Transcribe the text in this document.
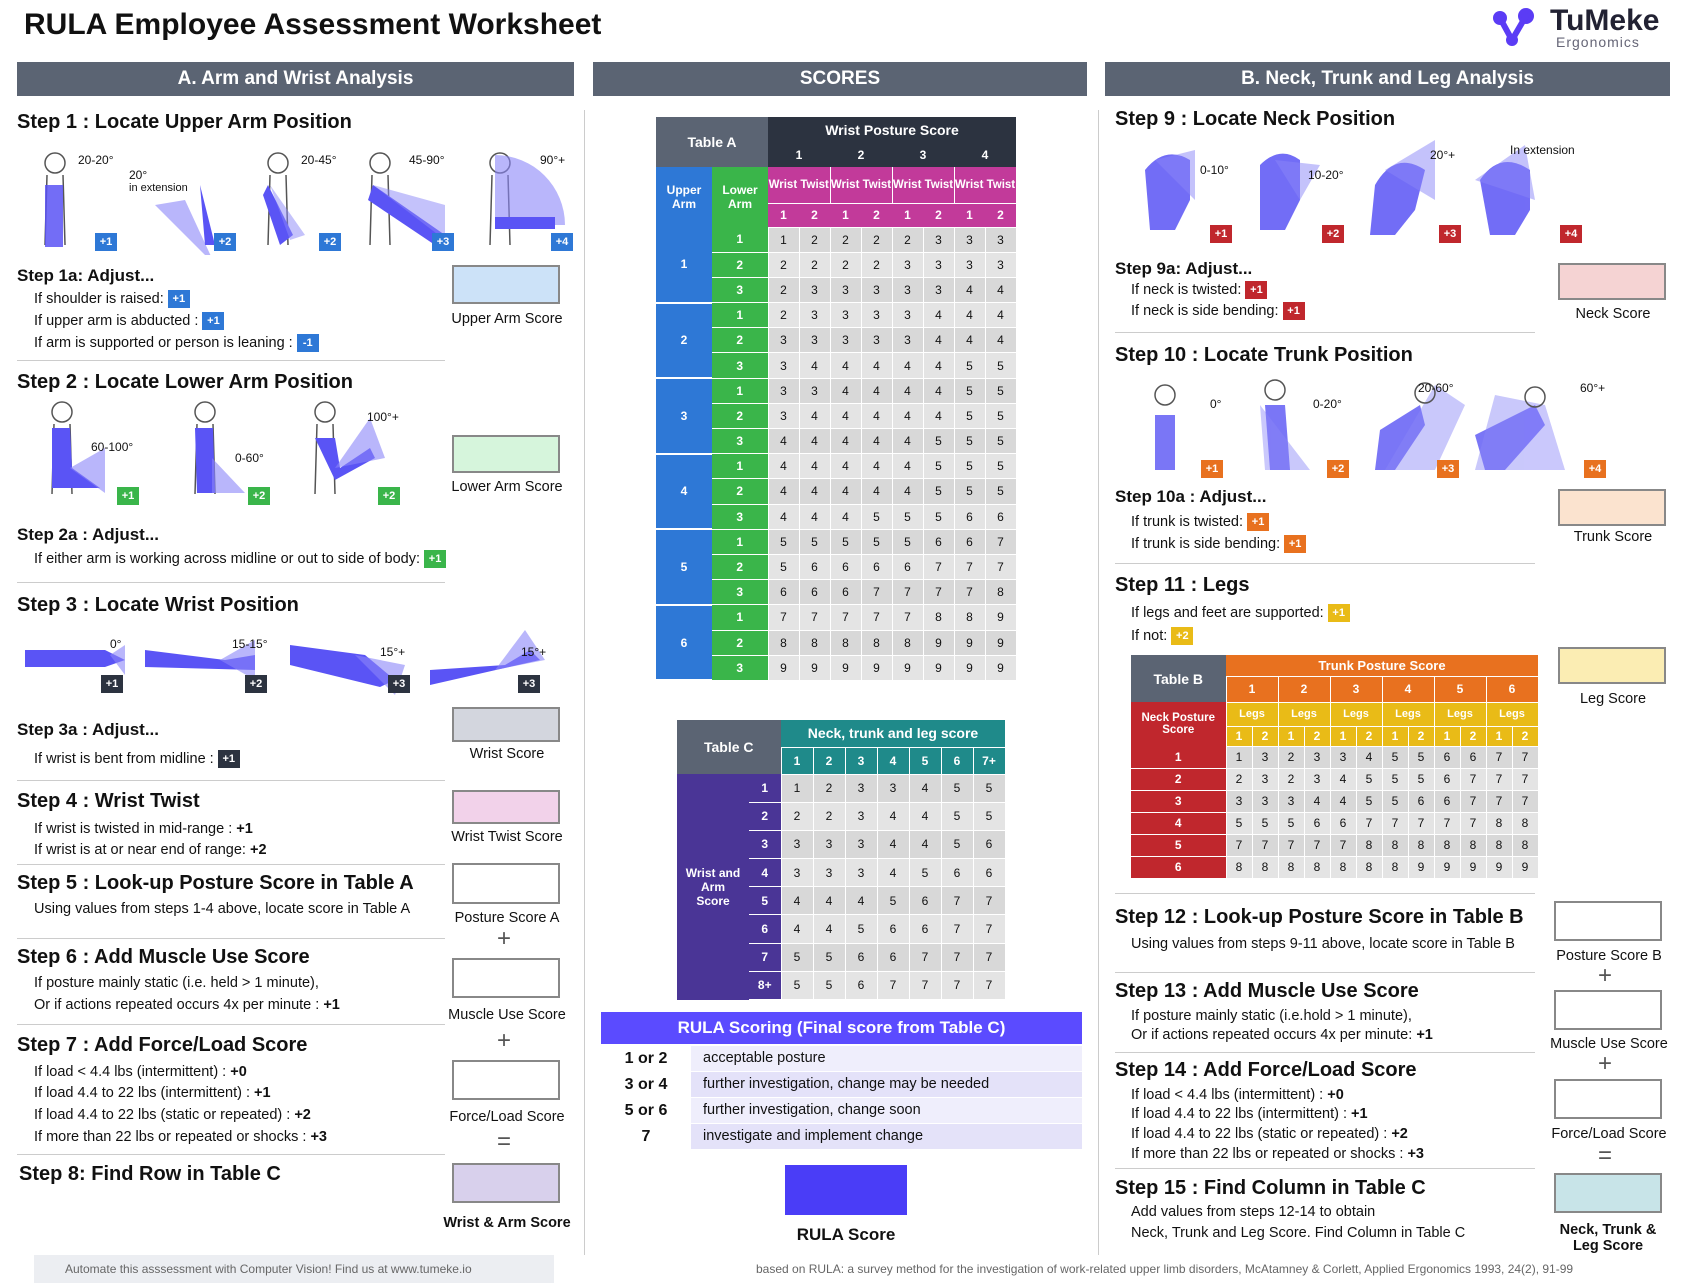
RULA Employee Assessment Worksheet	TuMeke
Ergonomics
A. Arm and Wrist Analysis	SCORES	B. Neck, Trunk and Leg Analysis
Step 1 : Locate Upper Arm Position
20-20°
20°
in extension
20-45°	45-90°	90°+
+1	+2	+2	+3	+4
Step 1a: Adjust...
If shoulder is raised: +1
If upper arm is abducted : +1
If arm is supported or person is leaning : -1
Upper Arm Score
Step 2 : Locate Lower Arm Position
60-100°
0-60°
100°+
+1	+2	+2
Lower Arm Score
Step 2a : Adjust...
If either arm is working across midline or out to side of body: +1
Step 3 : Locate Wrist Position
0°	15-15°
15°+	15°+
+1	+2	+3	+3
Step 3a : Adjust...
If wrist is bent from midline : +1	Wrist Score
Step 4 : Wrist Twist
If wrist is twisted in mid-range : +1
If wrist is at or near end of range: +2
Wrist Twist Score
Step 5 : Look-up Posture Score in Table A
Using values from steps 1-4 above, locate score in Table A
Posture Score A
+
Step 6 : Add Muscle Use Score
If posture mainly static (i.e. held > 1 minute),
Or if actions repeated occurs 4x per minute : +1
Muscle Use Score
+
Step 7 : Add Force/Load Score
If load < 4.4 lbs (intermittent) : +0
If load 4.4 to 22 lbs (intermittent) : +1
If load 4.4 to 22 lbs (static or repeated) : +2
If more than 22 lbs or repeated or shocks : +3
Force/Load Score
=
Step 8: Find Row in Table C
Wrist & Arm Score
Table A		Wrist Posture Score							
		1		2		3		4	
Upper Arm	Lower Arm	Wrist Twist		Wrist Twist		Wrist Twist		Wrist Twist	
		1	2	1	2	1	2	1	2
1	1	1	2	2	2	2	3	3	3
	2	2	2	2	2	3	3	3	3
	3	2	3	3	3	3	3	4	4
2	1	2	3	3	3	3	4	4	4
	2	3	3	3	3	3	4	4	4
	3	3	4	4	4	4	4	5	5
3	1	3	3	4	4	4	4	5	5
	2	3	4	4	4	4	4	5	5
	3	4	4	4	4	4	5	5	5
4	1	4	4	4	4	4	5	5	5
	2	4	4	4	4	4	5	5	5
	3	4	4	4	5	5	5	6	6
5	1	5	5	5	5	5	6	6	7
	2	5	6	6	6	6	7	7	7
	3	6	6	6	7	7	7	7	8
6	1	7	7	7	7	7	8	8	9
	2	8	8	8	8	8	9	9	9
	3	9	9	9	9	9	9	9	9
Table C		Neck, trunk and leg score						
		1	2	3	4	5	6	7+
Wrist and Arm Score	1	1	2	3	3	4	5	5
	2	2	2	3	4	4	5	5
	3	3	3	3	4	4	5	6
	4	3	3	3	4	5	6	6
	5	4	4	4	5	6	7	7
	6	4	4	5	6	6	7	7
	7	5	5	6	6	7	7	7
	8+	5	5	6	7	7	7	7
RULA Scoring (Final score from Table C)
1 or 2	acceptable posture
3 or 4	further investigation, change may be needed
5 or 6	further investigation, change soon
7	investigate and implement change
RULA Score
Step 9 : Locate Neck Position
0-10°	10-20°
20°+	In extension
+1	+2	+3	+4
Step 9a: Adjust...
If neck is twisted: +1
If neck is side bending: +1	Neck Score
Step 10 : Locate Trunk Position
0°	0-20°
20-60°	60°+
+1	+2	+3	+4
Step 10a : Adjust...
If trunk is twisted: +1
If trunk is side bending: +1	Trunk Score
Step 11 : Legs
If legs and feet are supported: +1
If not: +2
Leg Score
Table B	Trunk Posture Score											
	1		2		3		4		5		6	
Neck Posture Score	Legs		Legs		Legs		Legs		Legs		Legs	
	1	2	1	2	1	2	1	2	1	2	1	2
1	1	3	2	3	3	4	5	5	6	6	7	7
2	2	3	2	3	4	5	5	5	6	7	7	7
3	3	3	3	4	4	5	5	6	6	7	7	7
4	5	5	5	6	6	7	7	7	7	7	8	8
5	7	7	7	7	7	8	8	8	8	8	8	8
6	8	8	8	8	8	8	8	9	9	9	9	9
Step 12 : Look-up Posture Score in Table B
Using values from steps 9-11 above, locate score in Table B
Posture Score B
+
Step 13 : Add Muscle Use Score
If posture mainly static (i.e.hold > 1 minute),
Or if actions repeated occurs 4x per minute: +1
Muscle Use Score
+
Step 14 : Add Force/Load Score
If load < 4.4 lbs (intermittent) : +0
If load 4.4 to 22 lbs (intermittent) : +1
If load 4.4 to 22 lbs (static or repeated) : +2
If more than 22 lbs or repeated or shocks : +3
Force/Load Score
=
Step 15 : Find Column in Table C
Add values from steps 12-14 to obtain
Neck, Trunk and Leg Score. Find Column in Table C	Neck, Trunk & Leg Score
Automate this asssessment with Computer Vision! Find us at www.tumeke.io	based on RULA: a survey method for the investigation of work-related upper limb disorders, McAtamney & Corlett, Applied Ergonomics 1993, 24(2), 91-99
